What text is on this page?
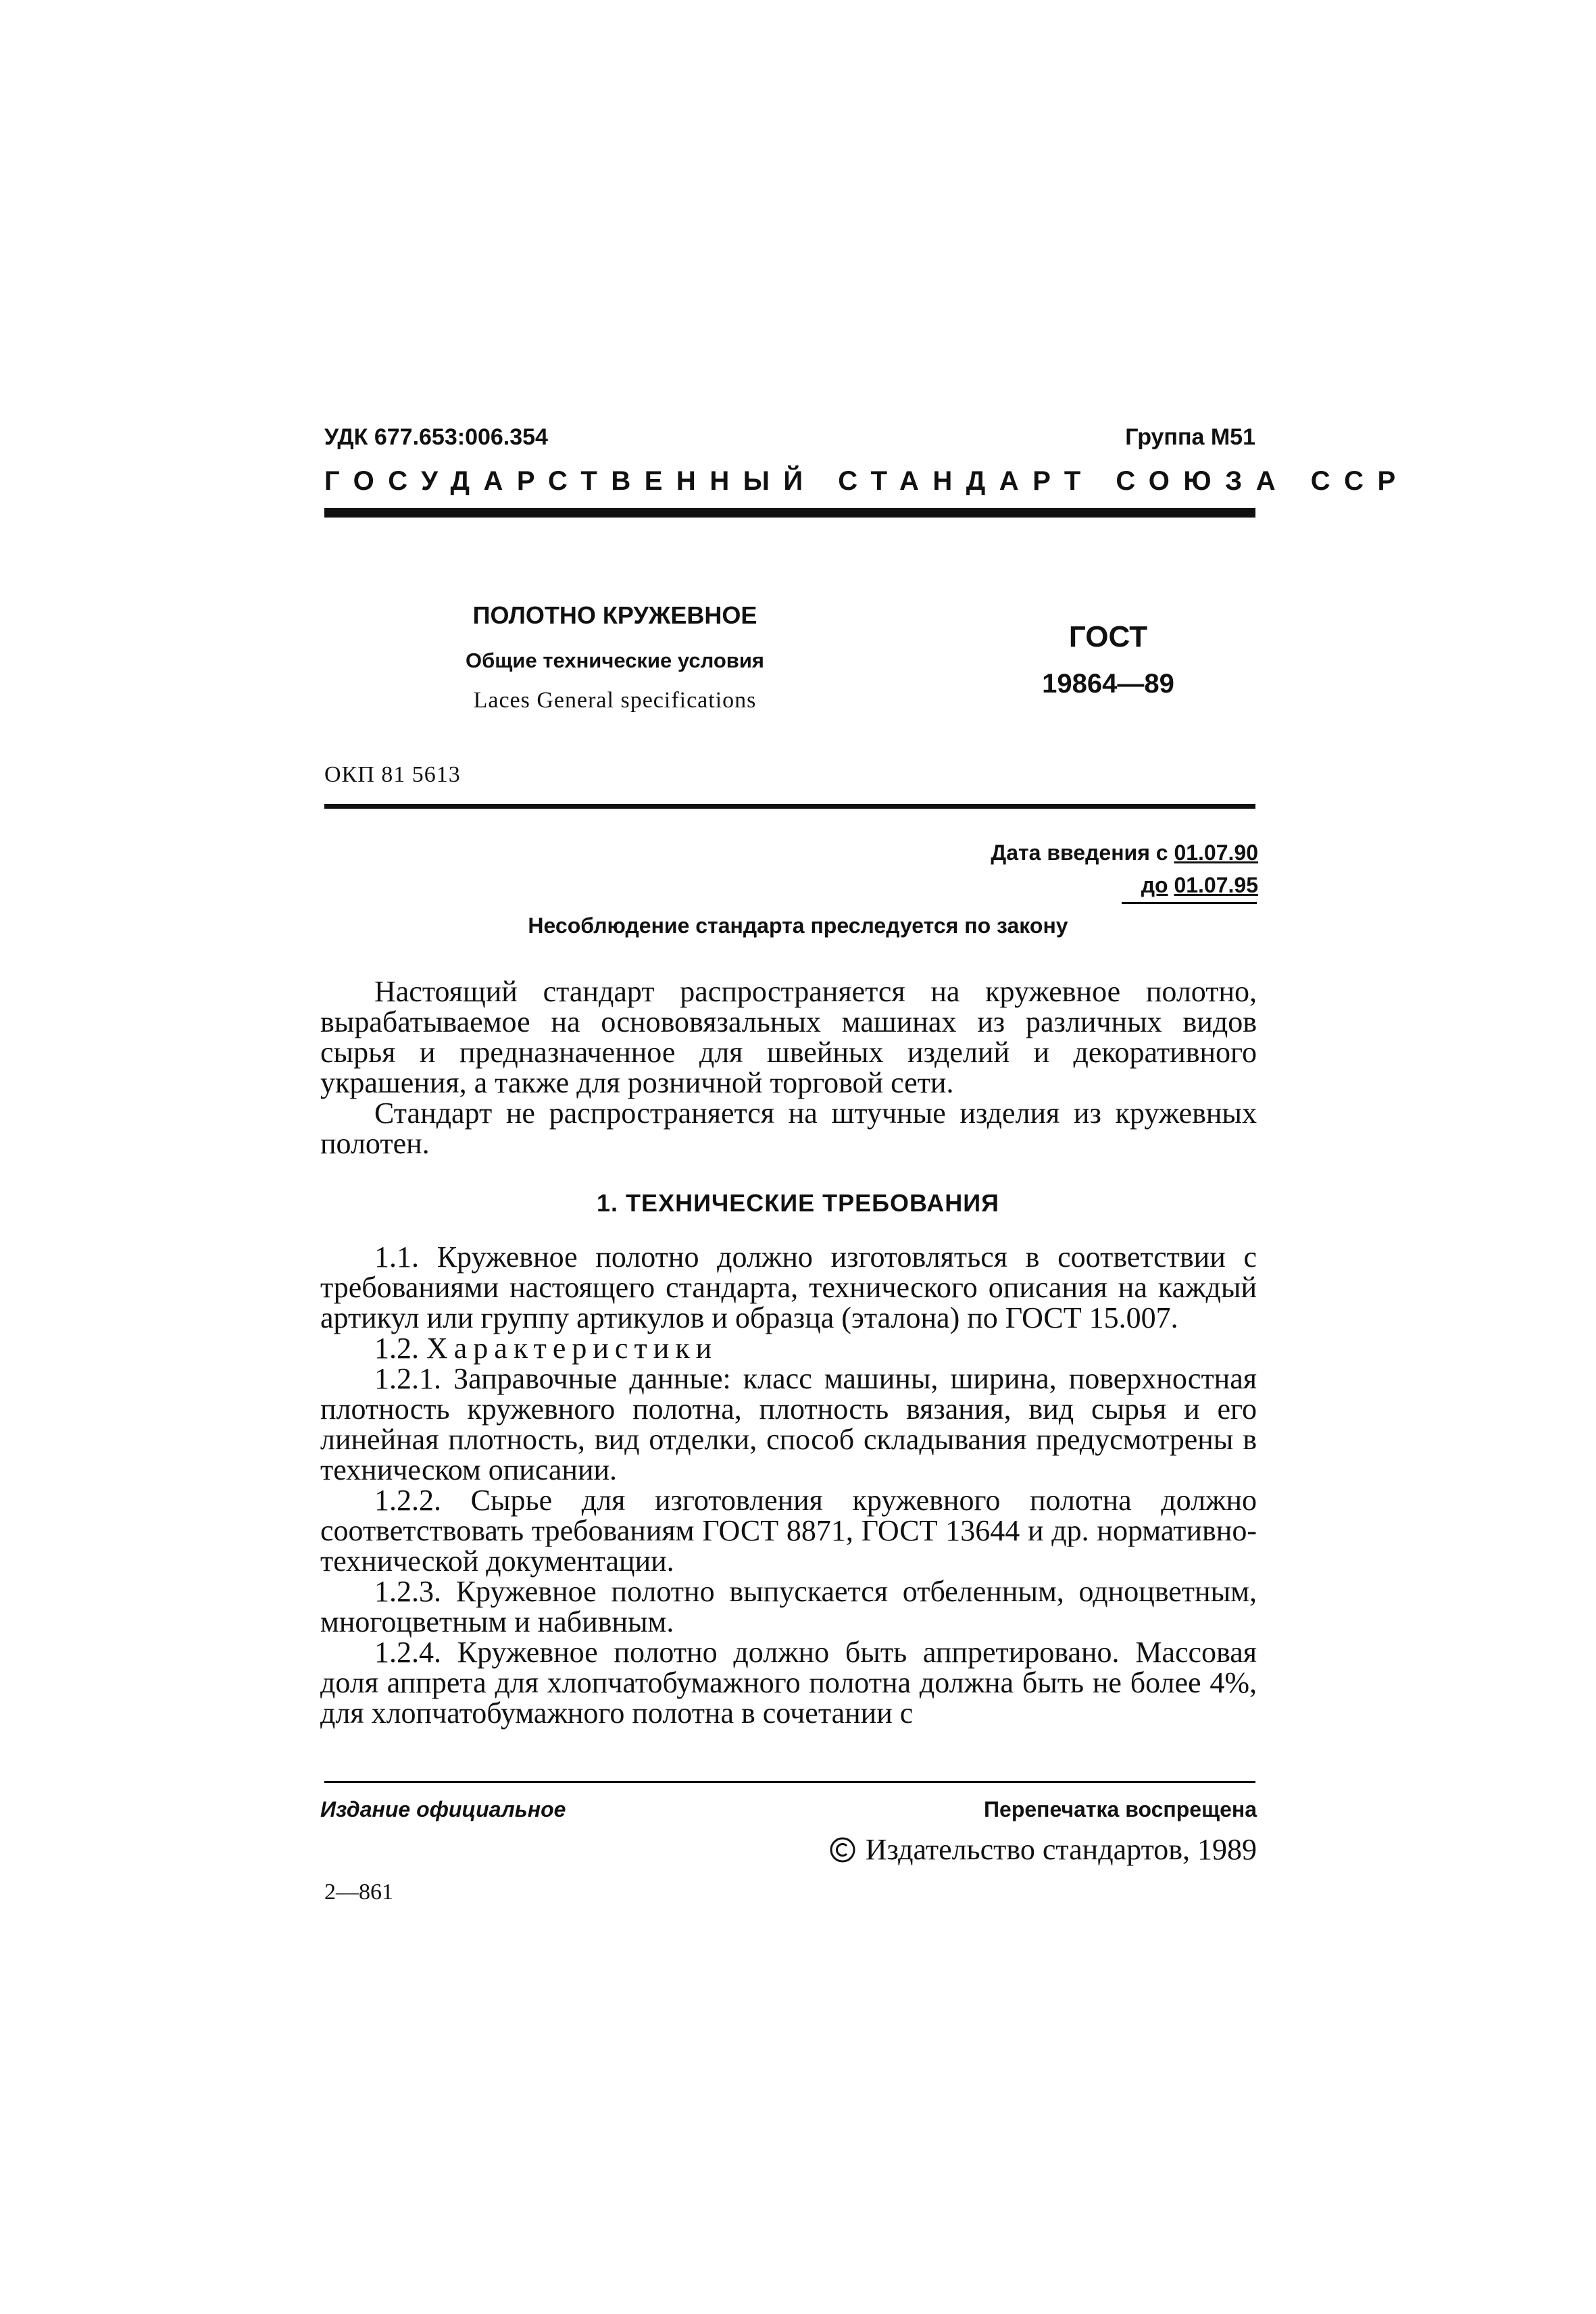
УДК 677.653:006.354	Группа М51
ГОСУДАРСТВЕННЫЙ СТАНДАРТ СОЮЗА ССР
ПОЛОТНО КРУЖЕВНОЕ
Общие технические условия
Laces General specifications
ГОСТ
19864—89
ОКП 81 5613
Дата введения с 01.07.90
до 01.07.95
Несоблюдение стандарта преследуется по закону

Настоящий стандарт распространяется на кружевное полотно, вырабатываемое на основовязальных машинах из различных видов сырья и предназначенное для швейных изделий и декоративного украшения, а также для розничной торговой сети.

Стандарт не распространяется на штучные изделия из кружевных полотен.

1. ТЕХНИЧЕСКИЕ ТРЕБОВАНИЯ

1.1. Кружевное полотно должно изготовляться в соответствии с требованиями настоящего стандарта, технического описания на каждый артикул или группу артикулов и образца (эталона) по ГОСТ 15.007.

1.2. Характеристики

1.2.1. Заправочные данные: класс машины, ширина, поверхностная плотность кружевного полотна, плотность вязания, вид сырья и его линейная плотность, вид отделки, способ складывания предусмотрены в техническом описании.

1.2.2. Сырье для изготовления кружевного полотна должно соответствовать требованиям ГОСТ 8871, ГОСТ 13644 и др. нормативно-технической документации.

1.2.3. Кружевное полотно выпускается отбеленным, одноцветным, многоцветным и набивным.

1.2.4. Кружевное полотно должно быть аппретировано. Массовая доля аппрета для хлопчатобумажного полотна должна быть не более 4%, для хлопчатобумажного полотна в сочетании с

Издание официальное	Перепечатка воспрещена
Издательство стандартов, 1989
2—861
